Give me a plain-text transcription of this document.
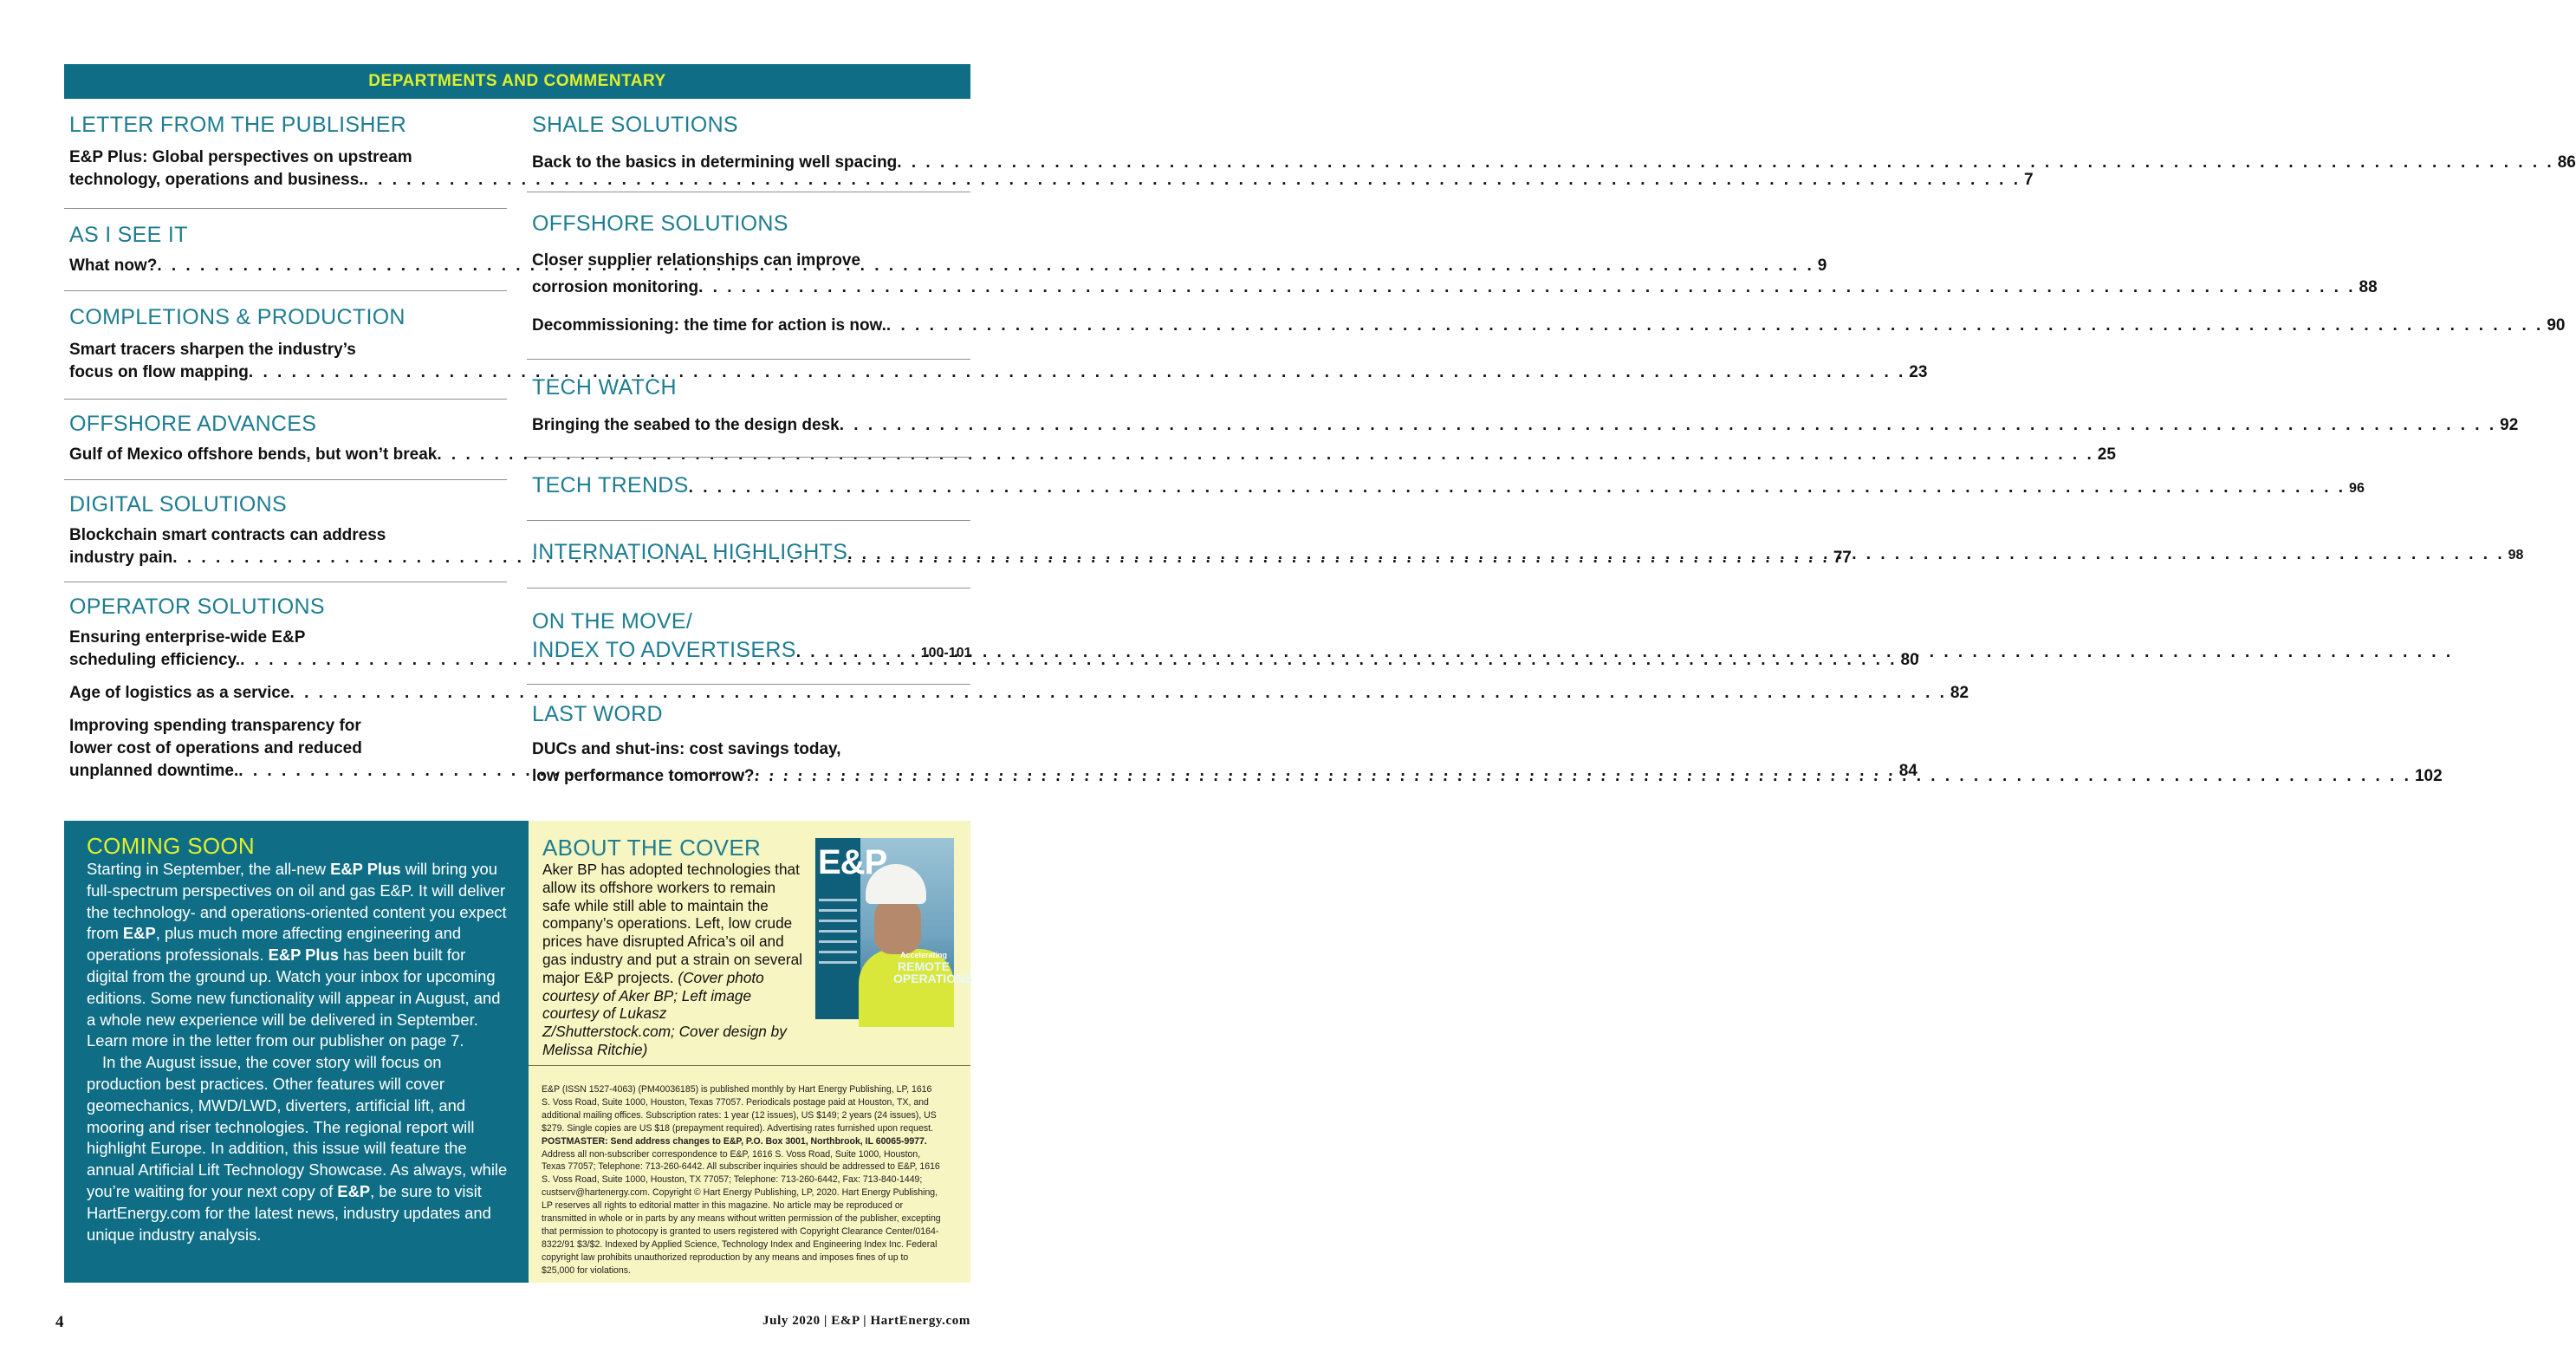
DEPARTMENTS AND COMMENTARY
LETTER FROM THE PUBLISHER
E&P Plus: Global perspectives on upstream
technology, operations and business. . . .	7
AS I SEE IT
What now? . . .	9
COMPLETIONS & PRODUCTION
Smart tracers sharpen the industry’s
focus on flow mapping . . .	23
OFFSHORE ADVANCES
Gulf of Mexico offshore bends, but won’t break . . .	25
DIGITAL SOLUTIONS
Blockchain smart contracts can address
industry pain . . .	77
OPERATOR SOLUTIONS
Ensuring enterprise-wide E&P
scheduling efficiency. . . .	80
Age of logistics as a service . . .	82
Improving spending transparency for
lower cost of operations and reduced
unplanned downtime. . . .	84
SHALE SOLUTIONS
Back to the basics in determining well spacing . . .	86
OFFSHORE SOLUTIONS
Closer supplier relationships can improve
corrosion monitoring . . .	88
Decommissioning: the time for action is now. . . .	90
TECH WATCH
Bringing the seabed to the design desk . . .	92
TECH TRENDS . . .	96
INTERNATIONAL HIGHLIGHTS . . .	98
ON THE MOVE/
INDEX TO ADVERTISERS . . .	100-101
LAST WORD
DUCs and shut-ins: cost savings today,
low performance tomorrow? . . .	102
COMING SOON

Starting in September, the all-new E&P Plus will bring you full-spectrum perspectives on oil and gas E&P. It will deliver the technology- and operations-oriented content you expect from E&P, plus much more affecting engineering and operations professionals. E&P Plus has been built for digital from the ground up. Watch your inbox for upcoming editions. Some new functionality will appear in August, and a whole new experience will be delivered in September. Learn more in the letter from our publisher on page 7.

In the August issue, the cover story will focus on production best practices. Other features will cover geomechanics, MWD/LWD, diverters, artificial lift, and mooring and riser technologies. The regional report will highlight Europe. In addition, this issue will feature the annual Artificial Lift Technology Showcase. As always, while you’re waiting for your next copy of E&P, be sure to visit HartEnergy.com for the latest news, industry updates and unique industry analysis.

ABOUT THE COVER
Aker BP has adopted technologies that allow its offshore workers to remain safe while still able to maintain the company’s operations. Left, low crude prices have disrupted Africa’s oil and gas industry and put a strain on several major E&P projects. (Cover photo courtesy of Aker BP; Left image courtesy of Lukasz Z/Shutterstock.com; Cover design by Melissa Ritchie)
E&P
Accelerating
REMOTE OPERATIONS
E&P (ISSN 1527-4063) (PM40036185) is published monthly by Hart Energy Publishing, LP, 1616 S. Voss Road, Suite 1000, Houston, Texas 77057. Periodicals postage paid at Houston, TX, and additional mailing offices. Subscription rates: 1 year (12 issues), US $149; 2 years (24 issues), US $279. Single copies are US $18 (prepayment required). Advertising rates furnished upon request. POSTMASTER: Send address changes to E&P, P.O. Box 3001, Northbrook, IL 60065-9977. Address all non-subscriber correspondence to E&P, 1616 S. Voss Road, Suite 1000, Houston, Texas 77057; Telephone: 713-260-6442. All subscriber inquiries should be addressed to E&P, 1616 S. Voss Road, Suite 1000, Houston, TX 77057; Telephone: 713-260-6442, Fax: 713-840-1449; custserv@hartenergy.com. Copyright © Hart Energy Publishing, LP, 2020. Hart Energy Publishing, LP reserves all rights to editorial matter in this magazine. No article may be reproduced or transmitted in whole or in parts by any means without written permission of the publisher, excepting that permission to photocopy is granted to users registered with Copyright Clearance Center/0164-8322/91 $3/$2. Indexed by Applied Science, Technology Index and Engineering Index Inc. Federal copyright law prohibits unauthorized reproduction by any means and imposes fines of up to $25,000 for violations.
4	July 2020 | E&P | HartEnergy.com
